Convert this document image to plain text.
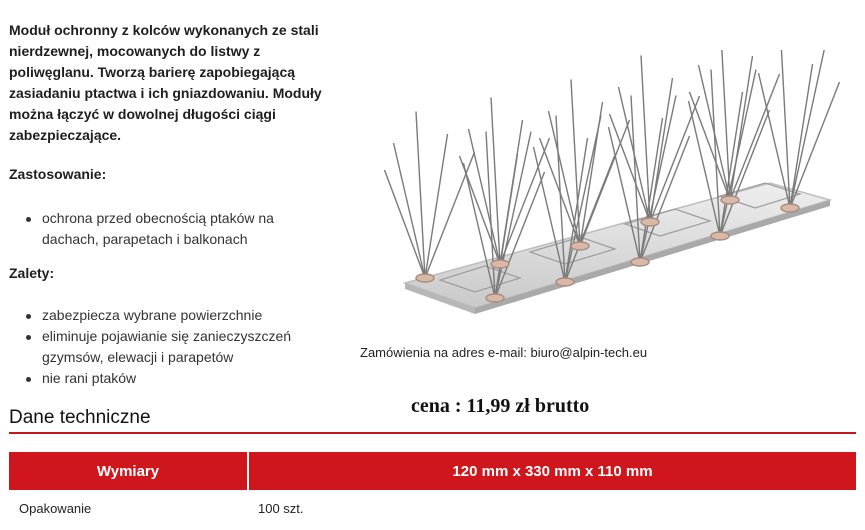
Moduł ochronny z kolców wykonanych ze stali nierdzewnej, mocowanych do listwy z poliwęglanu. Tworzą barierę zapobiegającą zasiadaniu ptactwa i ich gniazdowaniu. Moduły można łączyć w dowolnej długości ciągi zabezpieczające.

Zastosowanie:

ochrona przed obecnością ptaków na dachach, parapetach i balkonach

Zalety:

zabezpiecza wybrane powierzchnie
eliminuje pojawianie się zanieczyszczeń gzymsów, elewacji i parapetów
nie rani ptaków
Zamówienia na adres e-mail: biuro@alpin-tech.eu
cena : 11,99 zł brutto
Dane techniczne
Wymiary	120 mm x 330 mm x 110 mm
Opakowanie	100 szt.
